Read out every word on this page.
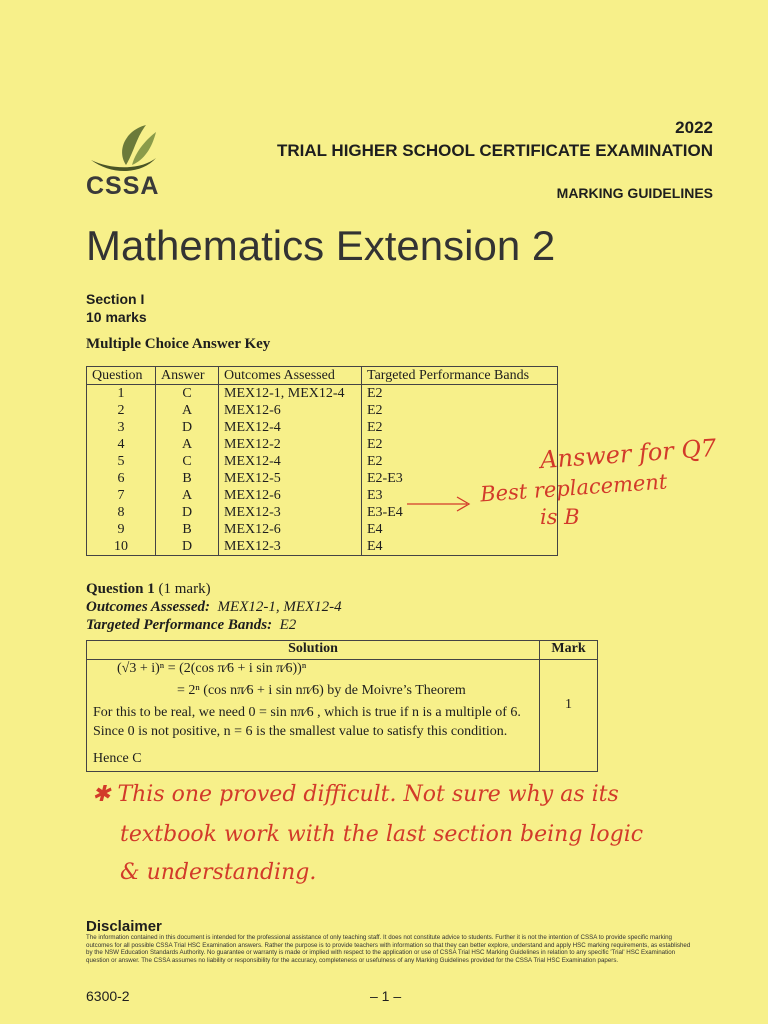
CSSA
2022
TRIAL HIGHER SCHOOL CERTIFICATE EXAMINATION
MARKING GUIDELINES
Mathematics Extension 2
Section I
10 marks
Multiple Choice Answer Key
Question	Answer	Outcomes Assessed	Targeted Performance Bands
1	C	MEX12-1, MEX12-4	E2
2	A	MEX12-6	E2
3	D	MEX12-4	E2
4	A	MEX12-2	E2
5	C	MEX12-4	E2
6	B	MEX12-5	E2-E3
7	A	MEX12-6	E3
8	D	MEX12-3	E3-E4
9	B	MEX12-6	E4
10	D	MEX12-3	E4
Answer for Q7
Best replacement
is B
Question 1 (1 mark)
Outcomes Assessed: MEX12-1, MEX12-4
Targeted Performance Bands: E2
Solution	Mark
(√3 + i)ⁿ = (2(cos π⁄6 + i sin π⁄6))ⁿ
= 2ⁿ (cos nπ⁄6 + i sin nπ⁄6) by de Moivre’s Theorem
For this to be real, we need 0 = sin nπ⁄6 , which is true if n is a multiple of 6.
Since 0 is not positive, n = 6 is the smallest value to satisfy this condition.
Hence C
1
✱ This one proved difficult. Not sure why as its
textbook work with the last section being logic
& understanding.
Disclaimer
The information contained in this document is intended for the professional assistance of only teaching staff. It does not constitute advice to students. Further it is not the intention of CSSA to provide specific marking outcomes for all possible CSSA Trial HSC Examination answers. Rather the purpose is to provide teachers with information so that they can better explore, understand and apply HSC marking requirements, as established by the NSW Education Standards Authority. No guarantee or warranty is made or implied with respect to the application or use of CSSA Trial HSC Marking Guidelines in relation to any specific 'Trial' HSC Examination question or answer. The CSSA assumes no liability or responsibility for the accuracy, completeness or usefulness of any Marking Guidelines provided for the CSSA Trial HSC Examination papers.
6300-2	– 1 –
